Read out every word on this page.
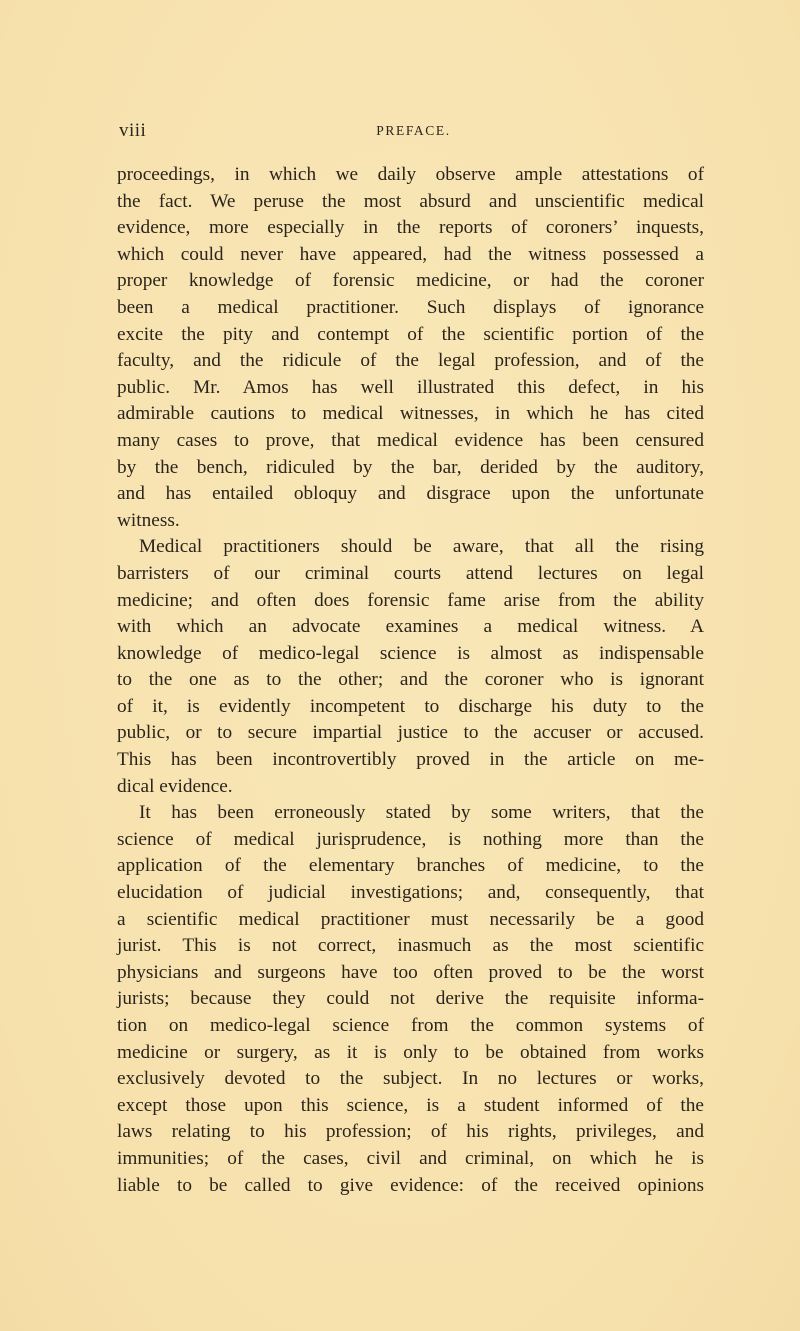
viii	PREFACE.
proceedings, in which we daily observe ample attestations of
the fact. We peruse the most absurd and unscientific medical
evidence, more especially in the reports of coroners’ inquests,
which could never have appeared, had the witness possessed a
proper knowledge of forensic medicine, or had the coroner
been a medical practitioner. Such displays of ignorance
excite the pity and contempt of the scientific portion of the
faculty, and the ridicule of the legal profession, and of the
public. Mr. Amos has well illustrated this defect, in his
admirable cautions to medical witnesses, in which he has cited
many cases to prove, that medical evidence has been censured
by the bench, ridiculed by the bar, derided by the auditory,
and has entailed obloquy and disgrace upon the unfortunate
witness.
Medical practitioners should be aware, that all the rising
barristers of our criminal courts attend lectures on legal
medicine; and often does forensic fame arise from the ability
with which an advocate examines a medical witness. A
knowledge of medico-legal science is almost as indispensable
to the one as to the other; and the coroner who is ignorant
of it, is evidently incompetent to discharge his duty to the
public, or to secure impartial justice to the accuser or accused.
This has been incontrovertibly proved in the article on me-
dical evidence.
It has been erroneously stated by some writers, that the
science of medical jurisprudence, is nothing more than the
application of the elementary branches of medicine, to the
elucidation of judicial investigations; and, consequently, that
a scientific medical practitioner must necessarily be a good
jurist. This is not correct, inasmuch as the most scientific
physicians and surgeons have too often proved to be the worst
jurists; because they could not derive the requisite informa-
tion on medico-legal science from the common systems of
medicine or surgery, as it is only to be obtained from works
exclusively devoted to the subject. In no lectures or works,
except those upon this science, is a student informed of the
laws relating to his profession; of his rights, privileges, and
immunities; of the cases, civil and criminal, on which he is
liable to be called to give evidence: of the received opinions
